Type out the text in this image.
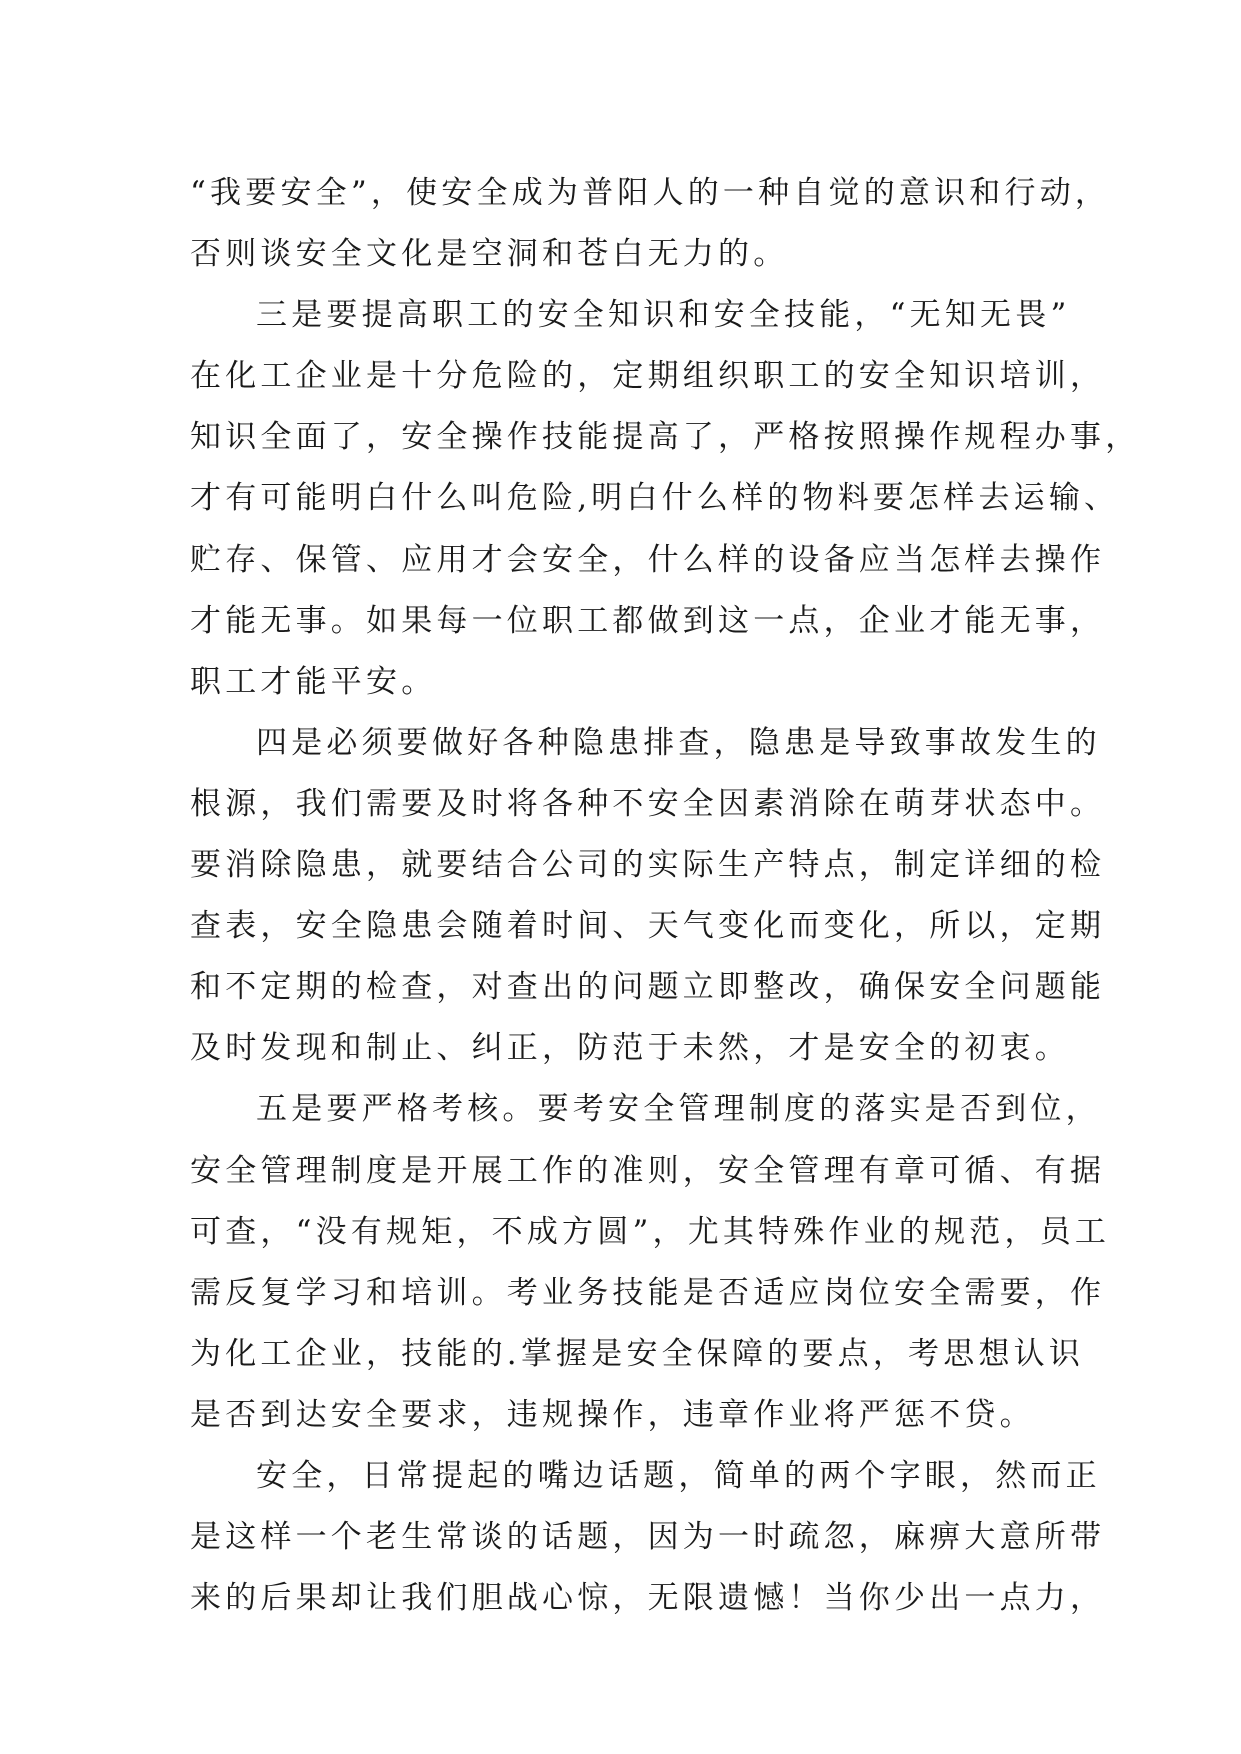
“我要安全”，使安全成为普阳人的一种自觉的意识和行动，
否则谈安全文化是空洞和苍白无力的。
三是要提高职工的安全知识和安全技能，“无知无畏”
在化工企业是十分危险的，定期组织职工的安全知识培训，
知识全面了，安全操作技能提高了，严格按照操作规程办事，
才有可能明白什么叫危险,明白什么样的物料要怎样去运输、
贮存、保管、应用才会安全，什么样的设备应当怎样去操作
才能无事。如果每一位职工都做到这一点，企业才能无事，
职工才能平安。
四是必须要做好各种隐患排查，隐患是导致事故发生的
根源，我们需要及时将各种不安全因素消除在萌芽状态中。
要消除隐患，就要结合公司的实际生产特点，制定详细的检
查表，安全隐患会随着时间、天气变化而变化，所以，定期
和不定期的检查，对查出的问题立即整改，确保安全问题能
及时发现和制止、纠正，防范于未然，才是安全的初衷。
五是要严格考核。要考安全管理制度的落实是否到位，
安全管理制度是开展工作的准则，安全管理有章可循、有据
可查，“没有规矩，不成方圆”，尤其特殊作业的规范，员工
需反复学习和培训。考业务技能是否适应岗位安全需要，作
为化工企业，技能的.掌握是安全保障的要点，考思想认识
是否到达安全要求，违规操作，违章作业将严惩不贷。
安全，日常提起的嘴边话题，简单的两个字眼，然而正
是这样一个老生常谈的话题，因为一时疏忽，麻痹大意所带
来的后果却让我们胆战心惊，无限遗憾！当你少出一点力，
